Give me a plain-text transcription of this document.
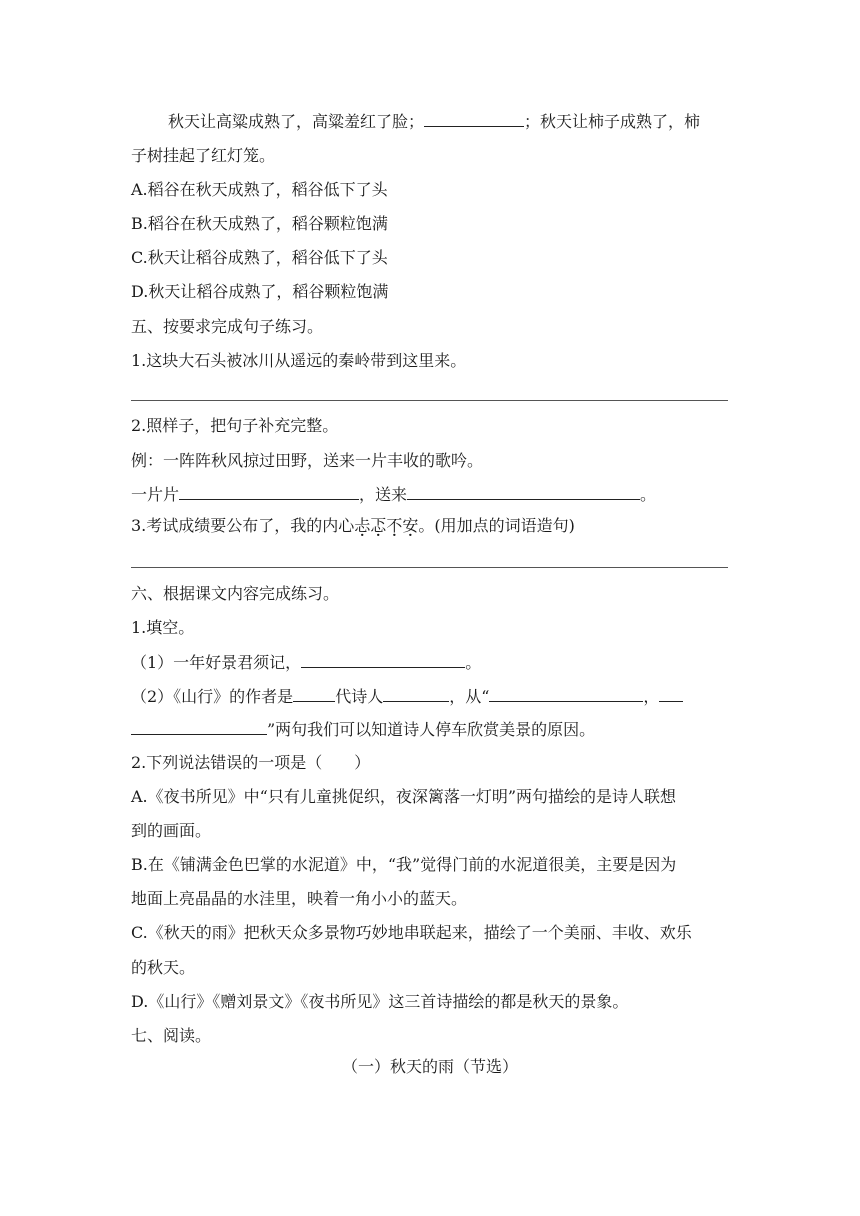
秋天让高粱成熟了，高粱羞红了脸；	；秋天让柿子成熟了，柿
子树挂起了红灯笼。
A.稻谷在秋天成熟了，稻谷低下了头
B.稻谷在秋天成熟了，稻谷颗粒饱满
C.秋天让稻谷成熟了，稻谷低下了头
D.秋天让稻谷成熟了，稻谷颗粒饱满
五、按要求完成句子练习。
1.这块大石头被冰川从遥远的秦岭带到这里来。
2.照样子，把句子补充完整。
例：一阵阵秋风掠过田野，送来一片丰收的歌吟。
一片片	，送来	。
3.考试成绩要公布了，我的内心忐忑不安。(用加点的词语造句)
六、根据课文内容完成练习。
1.填空。
（1）一年好景君须记，	。
（2）《山行》的作者是	代诗人	，从“	，
”两句我们可以知道诗人停车欣赏美景的原因。
2.下列说法错误的一项是（　　）
A.《夜书所见》中“只有儿童挑促织，夜深篱落一灯明”两句描绘的是诗人联想
到的画面。
B.在《铺满金色巴掌的水泥道》中，“我”觉得门前的水泥道很美，主要是因为
地面上亮晶晶的水洼里，映着一角小小的蓝天。
C.《秋天的雨》把秋天众多景物巧妙地串联起来，描绘了一个美丽、丰收、欢乐
的秋天。
D.《山行》《赠刘景文》《夜书所见》这三首诗描绘的都是秋天的景象。
七、阅读。
（一）秋天的雨（节选）
